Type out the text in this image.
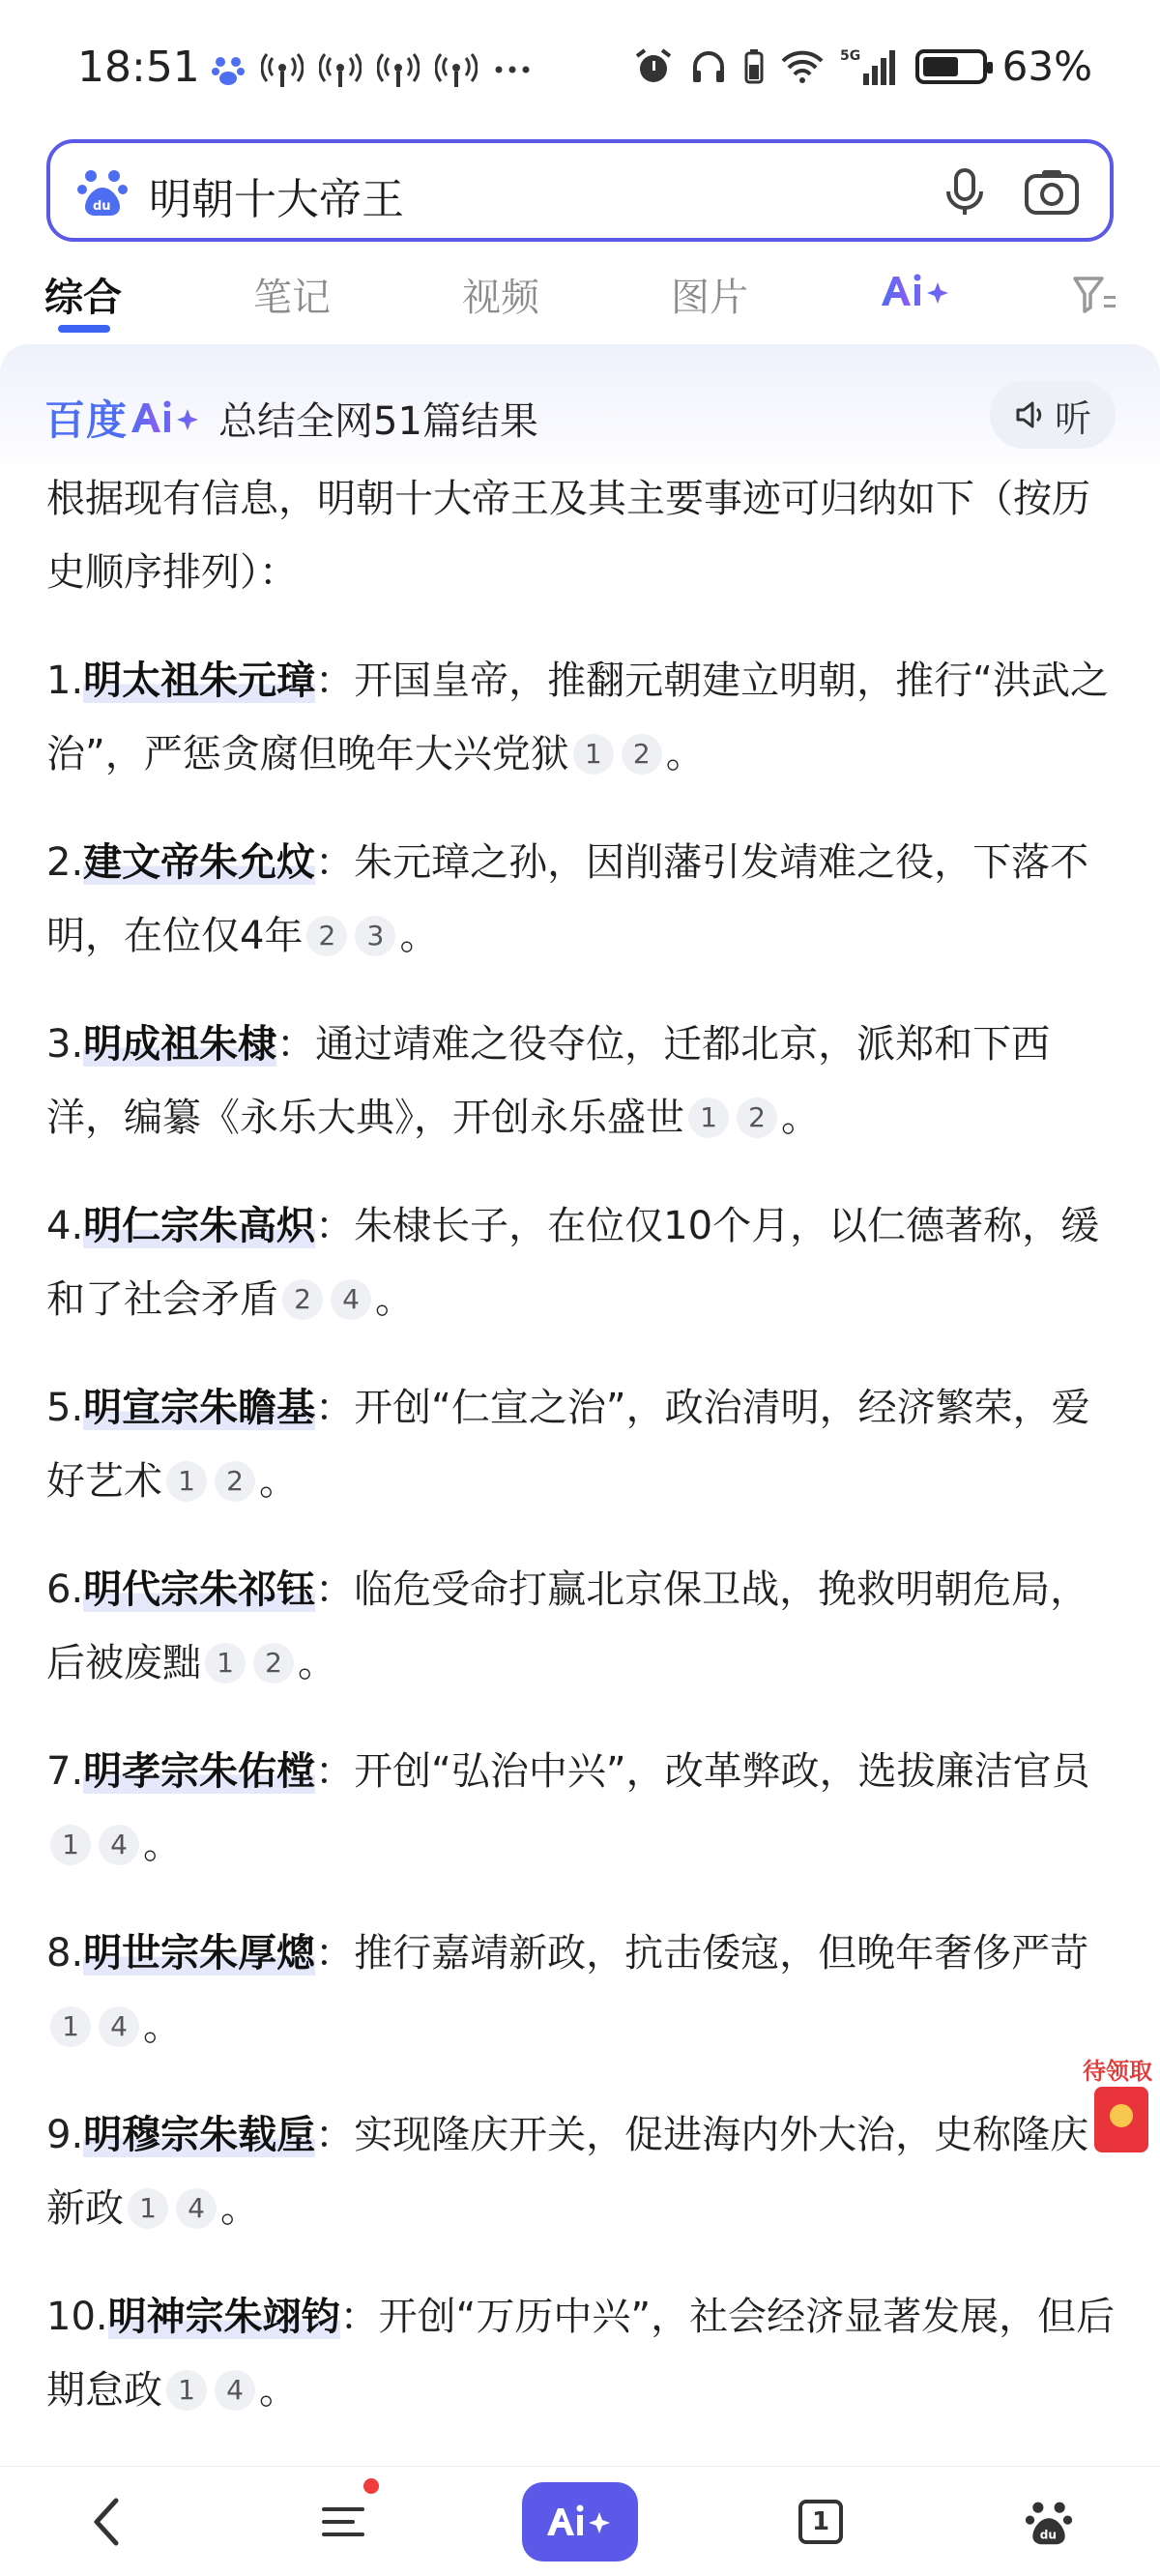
18:51	5G	63%
du 明朝十大帝王
综合	笔记	视频	图片
百度 总结全网51篇结果	听
根据现有信息，明朝十大帝王及其主要事迹可归纳如下（按历史顺序排列）：
1.明太祖朱元璋：开国皇帝，推翻元朝建立明朝，推行“洪武之治”，严惩贪腐但晚年大兴党狱 1 2 。
2.建文帝朱允炆：朱元璋之孙，因削藩引发靖难之役，下落不明，在位仅4年 2 3 。
3.明成祖朱棣：通过靖难之役夺位，迁都北京，派郑和下西洋，编纂《永乐大典》，开创永乐盛世 1 2 。
4.明仁宗朱高炽：朱棣长子，在位仅10个月，以仁德著称，缓和了社会矛盾 2 4 。
5.明宣宗朱瞻基：开创“仁宣之治”，政治清明，经济繁荣，爱好艺术 1 2 。
6.明代宗朱祁钰：临危受命打赢北京保卫战，挽救明朝危局，后被废黜 1 2 。
7.明孝宗朱佑樘：开创“弘治中兴”，改革弊政，选拔廉洁官员1 4 。
8.明世宗朱厚熜：推行嘉靖新政，抗击倭寇，但晚年奢侈严苛1 4 。
9.明穆宗朱载垕：实现隆庆开关，促进海内外大治，史称隆庆新政 1 4 。
10.明神宗朱翊钧：开创“万历中兴”，社会经济显著发展，但后期怠政 1 4 。
待领取
1	du
